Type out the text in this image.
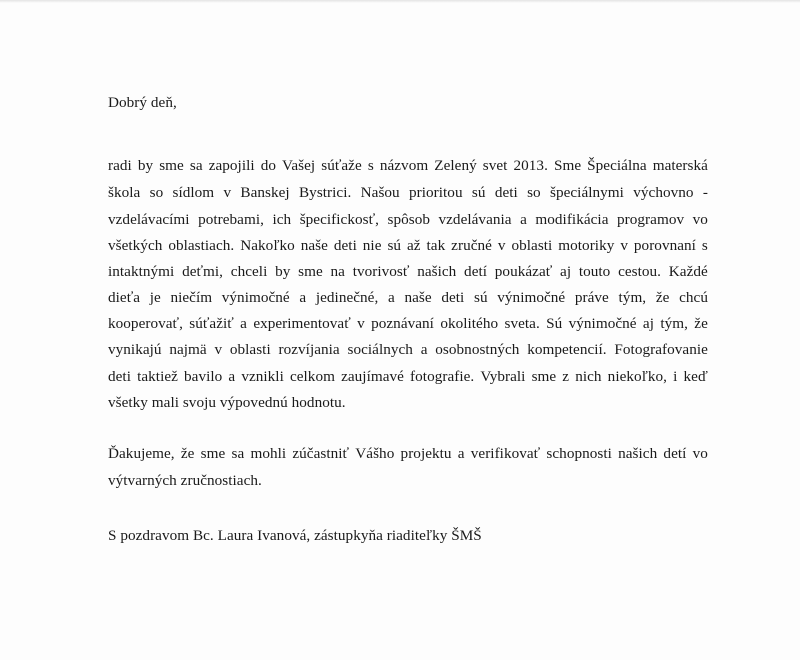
Dobrý deň,

radi by sme sa zapojili do Vašej súťaže s názvom Zelený svet 2013. Sme Špeciálna materská
škola so sídlom v Banskej Bystrici. Našou prioritou sú deti so špeciálnymi výchovno -
vzdelávacími potrebami, ich špecifickosť, spôsob vzdelávania a modifikácia programov vo
všetkých oblastiach. Nakoľko naše deti nie sú až tak zručné v oblasti motoriky v porovnaní s
intaktnými deťmi, chceli by sme na tvorivosť našich detí poukázať aj touto cestou. Každé
dieťa je niečím výnimočné a jedinečné, a naše deti sú výnimočné práve tým, že chcú
kooperovať, súťažiť a experimentovať v poznávaní okolitého sveta. Sú výnimočné aj tým, že
vynikajú najmä v oblasti rozvíjania sociálnych a osobnostných kompetencií. Fotografovanie
deti taktiež bavilo a vznikli celkom zaujímavé fotografie. Vybrali sme z nich niekoľko, i keď
všetky mali svoju výpovednú hodnotu.
Ďakujeme, že sme sa mohli zúčastniť Vášho projektu a verifikovať schopnosti našich detí vo
výtvarných zručnostiach.
S pozdravom Bc. Laura Ivanová, zástupkyňa riaditeľky ŠMŠ
